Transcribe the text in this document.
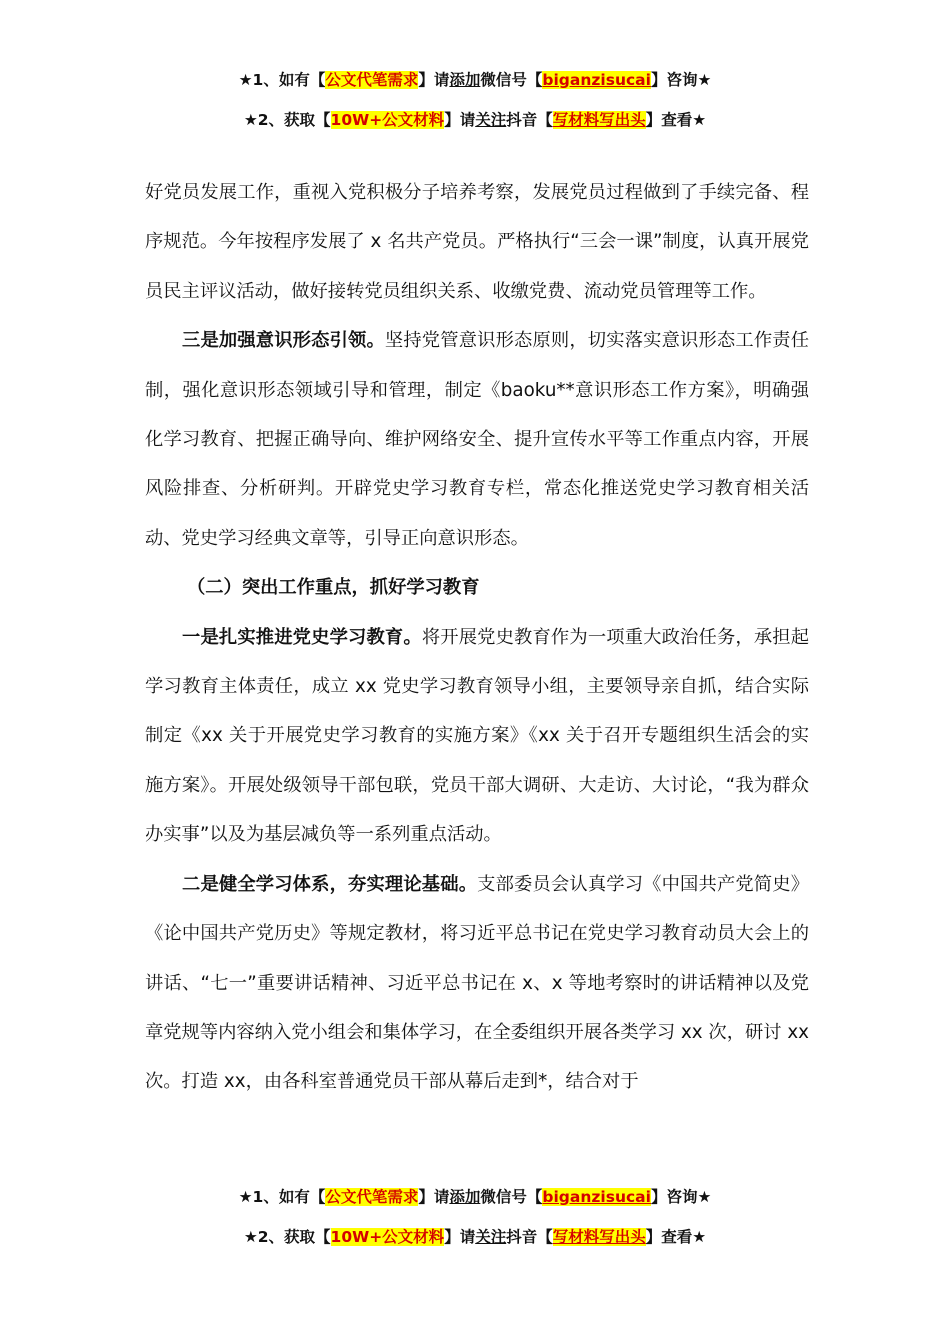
★1、如有【公文代笔需求】请添加微信号【biganzisucai】咨询★
★2、获取【10W+公文材料】请关注抖音【写材料写出头】查看★

好党员发展工作，重视入党积极分子培养考察，发展党员过程做到了手续完备、程序规范。今年按程序发展了 x 名共产党员。严格执行“三会一课”制度，认真开展党员民主评议活动，做好接转党员组织关系、收缴党费、流动党员管理等工作。

三是加强意识形态引领。坚持党管意识形态原则，切实落实意识形态工作责任制，强化意识形态领域引导和管理，制定《baoku**意识形态工作方案》，明确强化学习教育、把握正确导向、维护网络安全、提升宣传水平等工作重点内容，开展风险排查、分析研判。开辟党史学习教育专栏，常态化推送党史学习教育相关活动、党史学习经典文章等，引导正向意识形态。

（二）突出工作重点，抓好学习教育

一是扎实推进党史学习教育。将开展党史教育作为一项重大政治任务，承担起学习教育主体责任，成立 xx 党史学习教育领导小组，主要领导亲自抓，结合实际制定《xx 关于开展党史学习教育的实施方案》《xx 关于召开专题组织生活会的实施方案》。开展处级领导干部包联，党员干部大调研、大走访、大讨论，“我为群众办实事”以及为基层减负等一系列重点活动。

二是健全学习体系，夯实理论基础。支部委员会认真学习《中国共产党简史》《论中国共产党历史》等规定教材，将习近平总书记在党史学习教育动员大会上的讲话、“七一”重要讲话精神、习近平总书记在 x、x 等地考察时的讲话精神以及党章党规等内容纳入党小组会和集体学习，在全委组织开展各类学习 xx 次，研讨 xx 次。打造 xx，由各科室普通党员干部从幕后走到*，结合对于

★1、如有【公文代笔需求】请添加微信号【biganzisucai】咨询★
★2、获取【10W+公文材料】请关注抖音【写材料写出头】查看★
